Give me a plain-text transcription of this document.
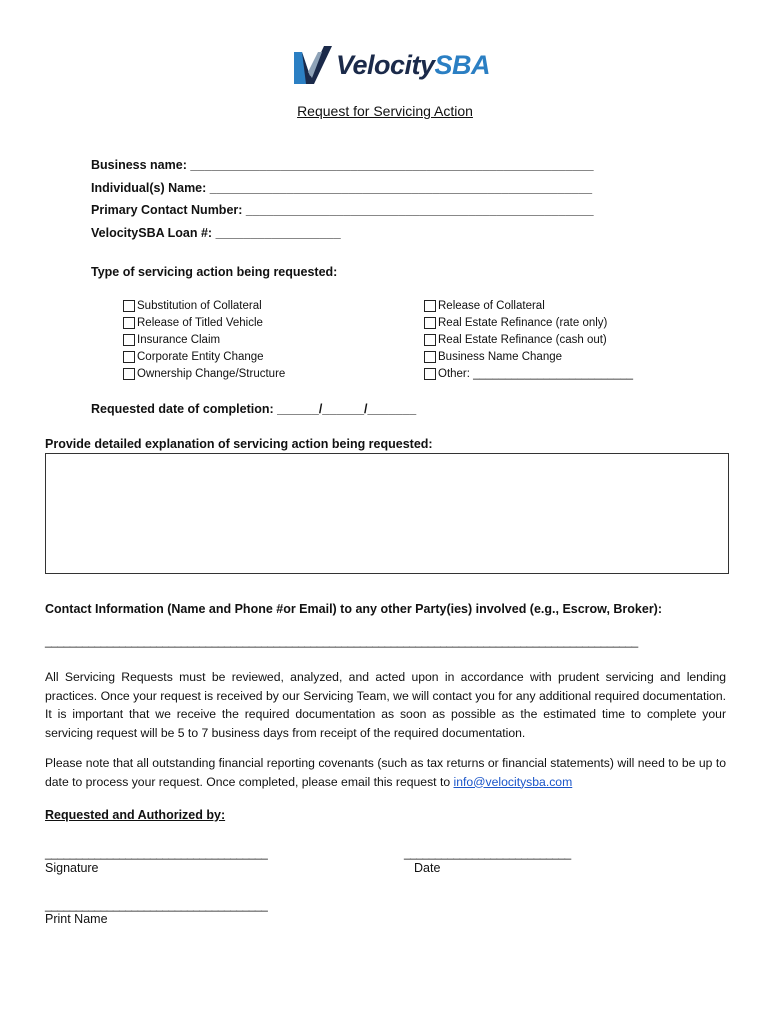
VelocitySBA
Request for Servicing Action
Business name: __________________________________________________________
Individual(s) Name: _______________________________________________________
Primary Contact Number: __________________________________________________
VelocitySBA Loan #: __________________
Type of servicing action being requested:
Substitution of Collateral
Release of Titled Vehicle
Insurance Claim
Corporate Entity Change
Ownership Change/Structure
Release of Collateral
Real Estate Refinance (rate only)
Real Estate Refinance (cash out)
Business Name Change
Other: _________________________
Requested date of completion: ______/______/_______
Provide detailed explanation of servicing action being requested:
Contact Information (Name and Phone #or Email) to any other Party(ies) involved (e.g., Escrow, Broker):
________________________________________________________________________________________________
All Servicing Requests must be reviewed, analyzed, and acted upon in accordance with prudent servicing and lending practices. Once your request is received by our Servicing Team, we will contact you for any additional required documentation. It is important that we receive the required documentation as soon as possible as the estimated time to complete your servicing request will be 5 to 7 business days from receipt of the required documentation.
Please note that all outstanding financial reporting covenants (such as tax returns or financial statements) will need to be up to date to process your request. Once completed, please email this request to info@velocitysba.com
Requested and Authorized by:
____________________________________
Signature
___________________________
Date
____________________________________
Print Name
